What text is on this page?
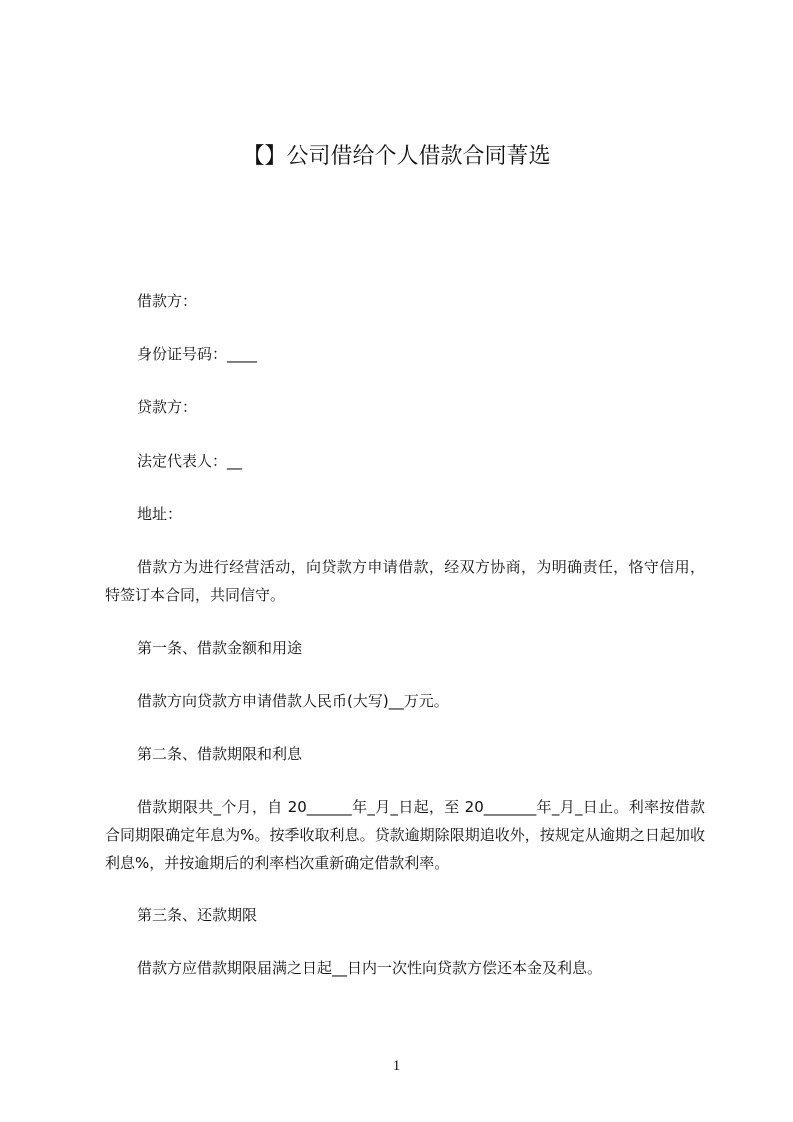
【】公司借给个人借款合同菁选
借款方：
身份证号码：____
贷款方：
法定代表人：__
地址：
借款方为进行经营活动，向贷款方申请借款，经双方协商，为明确责任，恪守信用，特签订本合同，共同信守。
第一条、借款金额和用途
借款方向贷款方申请借款人民币(大写)__万元。
第二条、借款期限和利息
借款期限共_个月，自 20______年_月_日起，至 20_______年_月_日止。利率按借款合同期限确定年息为%。按季收取利息。贷款逾期除限期追收外，按规定从逾期之日起加收利息%，并按逾期后的利率档次重新确定借款利率。
第三条、还款期限
借款方应借款期限届满之日起__日内一次性向贷款方偿还本金及利息。
1
